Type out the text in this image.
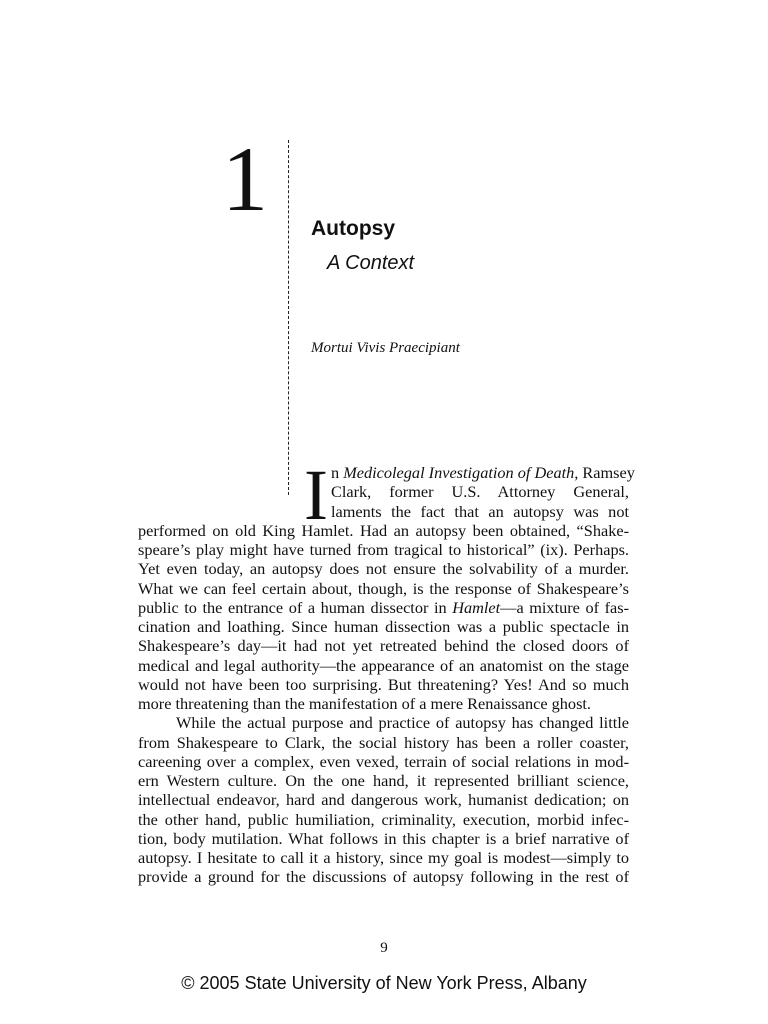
1 Autopsy
A Context
Mortui Vivis Praecipiant
I n Medicolegal Investigation of Death, Ramsey
Clark, former U.S. Attorney General,
laments the fact that an autopsy was not
performed on old King Hamlet. Had an autopsy been obtained, “Shake-
speare’s play might have turned from tragical to historical” (ix). Perhaps.
Yet even today, an autopsy does not ensure the solvability of a murder.
What we can feel certain about, though, is the response of Shakespeare’s
public to the entrance of a human dissector in Hamlet—a mixture of fas-
cination and loathing. Since human dissection was a public spectacle in
Shakespeare’s day—it had not yet retreated behind the closed doors of
medical and legal authority—the appearance of an anatomist on the stage
would not have been too surprising. But threatening? Yes! And so much
more threatening than the manifestation of a mere Renaissance ghost.
While the actual purpose and practice of autopsy has changed little
from Shakespeare to Clark, the social history has been a roller coaster,
careening over a complex, even vexed, terrain of social relations in mod-
ern Western culture. On the one hand, it represented brilliant science,
intellectual endeavor, hard and dangerous work, humanist dedication; on
the other hand, public humiliation, criminality, execution, morbid infec-
tion, body mutilation. What follows in this chapter is a brief narrative of
autopsy. I hesitate to call it a history, since my goal is modest—simply to
provide a ground for the discussions of autopsy following in the rest of
9
© 2005 State University of New York Press, Albany
